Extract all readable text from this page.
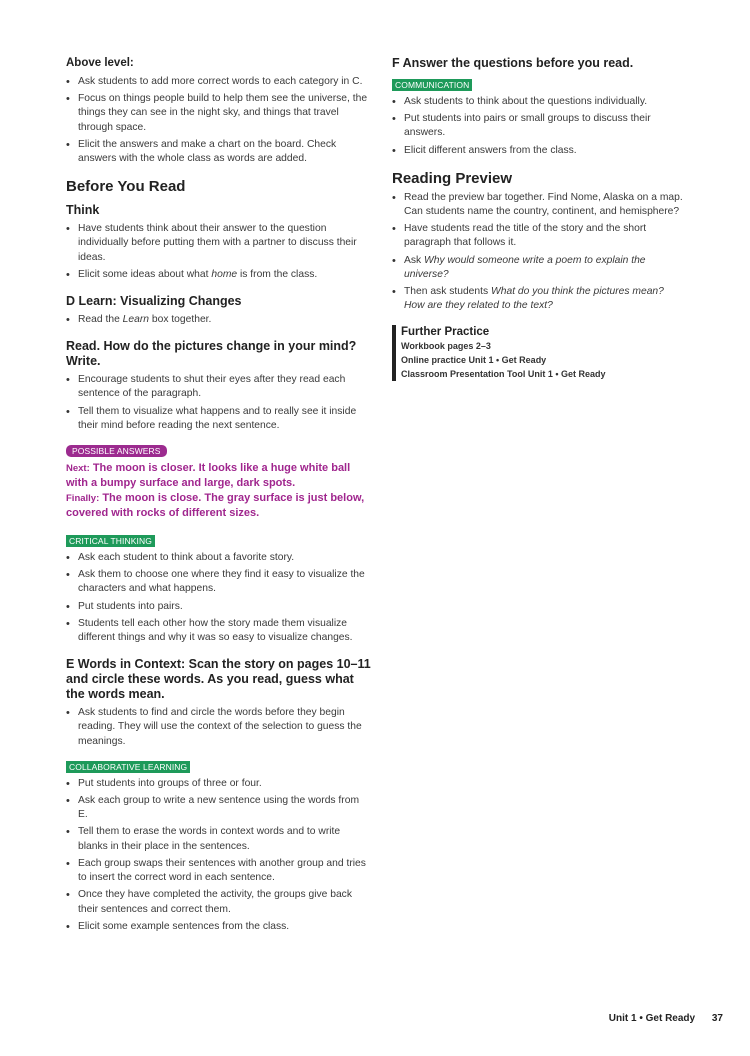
Above level:
• Ask students to add more correct words to each category in C.
• Focus on things people build to help them see the universe, the things they can see in the night sky, and things that travel through space.
• Elicit the answers and make a chart on the board. Check answers with the whole class as words are added.
Before You Read
Think
• Have students think about their answer to the question individually before putting them with a partner to discuss their ideas.
• Elicit some ideas about what home is from the class.
D Learn: Visualizing Changes
• Read the Learn box together.
Read. How do the pictures change in your mind? Write.
• Encourage students to shut their eyes after they read each sentence of the paragraph.
• Tell them to visualize what happens and to really see it inside their mind before reading the next sentence.
POSSIBLE ANSWERS
Next: The moon is closer. It looks like a huge white ball with a bumpy surface and large, dark spots.
Finally: The moon is close. The gray surface is just below, covered with rocks of different sizes.
CRITICAL THINKING
• Ask each student to think about a favorite story.
• Ask them to choose one where they find it easy to visualize the characters and what happens.
• Put students into pairs.
• Students tell each other how the story made them visualize different things and why it was so easy to visualize changes.
E Words in Context: Scan the story on pages 10–11 and circle these words. As you read, guess what the words mean.
• Ask students to find and circle the words before they begin reading. They will use the context of the selection to guess the meanings.
COLLABORATIVE LEARNING
• Put students into groups of three or four.
• Ask each group to write a new sentence using the words from E.
• Tell them to erase the words in context words and to write blanks in their place in the sentences.
• Each group swaps their sentences with another group and tries to insert the correct word in each sentence.
• Once they have completed the activity, the groups give back their sentences and correct them.
• Elicit some example sentences from the class.
F Answer the questions before you read.
COMMUNICATION
• Ask students to think about the questions individually.
• Put students into pairs or small groups to discuss their answers.
• Elicit different answers from the class.
Reading Preview
• Read the preview bar together. Find Nome, Alaska on a map. Can students name the country, continent, and hemisphere?
• Have students read the title of the story and the short paragraph that follows it.
• Ask Why would someone write a poem to explain the universe?
• Then ask students What do you think the pictures mean? How are they related to the text?
Further Practice
Workbook pages 2–3
Online practice Unit 1 • Get Ready
Classroom Presentation Tool Unit 1 • Get Ready
Unit 1 • Get Ready 37
